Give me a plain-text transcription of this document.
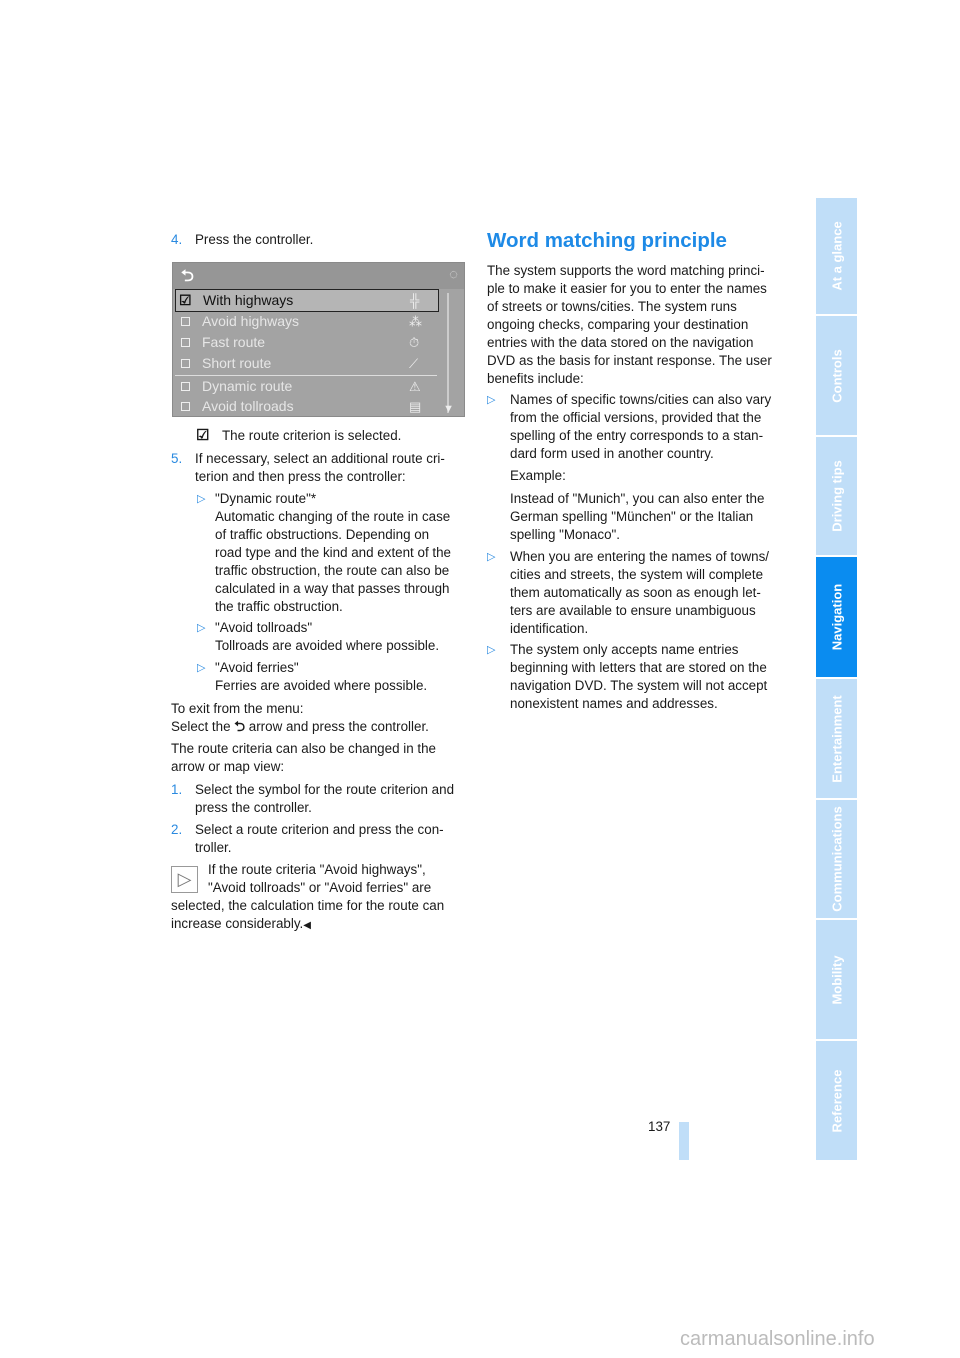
4. Press the controller.
⮌	◌
☑ With highways	╬
Avoid highways	⁂
Fast route	⏱
Short route	⟋
Dynamic route	⚠
Avoid tollroads	▤ ▼
☑ The route criterion is selected.
5. If necessary, select an additional route cri-
terion and then press the controller:
▷ "Dynamic route"*
Automatic changing of the route in case
of traffic obstructions. Depending on
road type and the kind and extent of the
traffic obstruction, the route can also be
calculated in a way that passes through
the traffic obstruction.
▷ "Avoid tollroads"
Tollroads are avoided where possible.
▷ "Avoid ferries"
Ferries are avoided where possible.
To exit from the menu:
Select the ⮌ arrow and press the controller.
The route criteria can also be changed in the
arrow or map view:
1. Select the symbol for the route criterion and
press the controller.
2. Select a route criterion and press the con-
troller.
▷	If the route criteria "Avoid highways",
"Avoid tollroads" or "Avoid ferries" are
selected, the calculation time for the route can
increase considerably.◀
Word matching principle
The system supports the word matching princi-
ple to make it easier for you to enter the names
of streets or towns/cities. The system runs
ongoing checks, comparing your destination
entries with the data stored on the navigation
DVD as the basis for instant response. The user
benefits include:
▷ Names of specific towns/cities can also vary
from the official versions, provided that the
spelling of the entry corresponds to a stan-
dard form used in another country.
Example:
Instead of "Munich", you can also enter the
German spelling "München" or the Italian
spelling "Monaco".
▷ When you are entering the names of towns/
cities and streets, the system will complete
them automatically as soon as enough let-
ters are available to ensure unambiguous
identification.
▷ The system only accepts name entries
beginning with letters that are stored on the
navigation DVD. The system will not accept
nonexistent names and addresses.
137
At a glance
Controls
Driving tips
Navigation
Entertainment
Communications
Mobility
Reference
carmanualsonline.info
